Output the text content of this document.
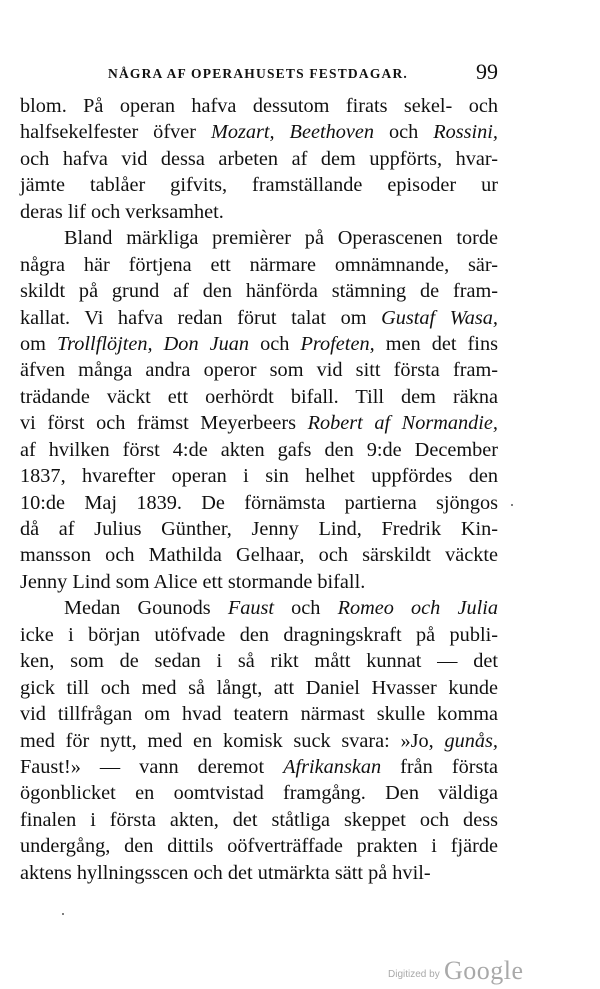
NÅGRA AF OPERAHUSETS FESTDAGAR.	99
blom. På operan hafva dessutom firats sekel- och
halfsekelfester öfver Mozart, Beethoven och Rossini,
och hafva vid dessa arbeten af dem uppförts, hvar-
jämte tablåer gifvits, framställande episoder ur
deras lif och verksamhet.
Bland märkliga premièrer på Operascenen torde
några här förtjena ett närmare omnämnande, sär-
skildt på grund af den hänförda stämning de fram-
kallat. Vi hafva redan förut talat om Gustaf Wasa,
om Trollflöjten, Don Juan och Profeten, men det fins
äfven många andra operor som vid sitt första fram-
trädande väckt ett oerhördt bifall. Till dem räkna
vi först och främst Meyerbeers Robert af Normandie,
af hvilken först 4:de akten gafs den 9:de December
1837, hvarefter operan i sin helhet uppfördes den
10:de Maj 1839. De förnämsta partierna sjöngos
då af Julius Günther, Jenny Lind, Fredrik Kin-
mansson och Mathilda Gelhaar, och särskildt väckte
Jenny Lind som Alice ett stormande bifall.
Medan Gounods Faust och Romeo och Julia
icke i början utöfvade den dragningskraft på publi-
ken, som de sedan i så rikt mått kunnat — det
gick till och med så långt, att Daniel Hvasser kunde
vid tillfrågan om hvad teatern närmast skulle komma
med för nytt, med en komisk suck svara: »Jo, gunås,
Faust!» — vann deremot Afrikanskan från första
ögonblicket en oomtvistad framgång. Den väldiga
finalen i första akten, det ståtliga skeppet och dess
undergång, den dittils oöfverträffade prakten i fjärde
aktens hyllningsscen och det utmärkta sätt på hvil-
Digitized by Google
